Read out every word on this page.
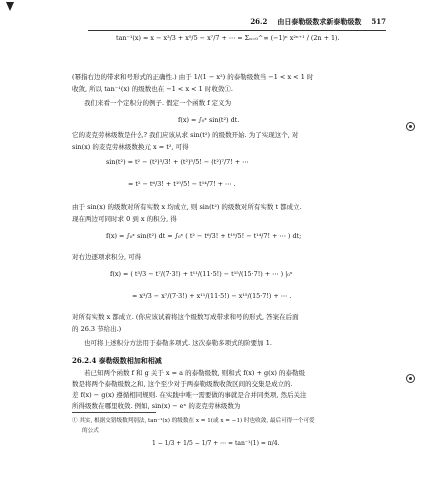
26.2 由日泰勒级数求新泰勒级数 517
tan⁻¹(x) = x − x³/3 + x⁵/5 − x⁷/7 + ⋯ = Σₙ₌₀^∞ (−1)ⁿ x²ⁿ⁺¹ / (2n + 1).
(幂指右边的带求和号形式的正确性.) 由于 1/(1 − x²) 的泰勒级数当 −1 < x < 1 时
收敛, 所以 tan⁻¹(x) 的级数也在 −1 < x < 1 时收敛①.
我们来看一个定积分的例子. 假定一个函数 f 定义为
f(x) = ∫₀ˣ sin(t²) dt.
它的麦克劳林级数是什么? 我们应该从求 sin(t²) 的级数开始. 为了实现这个, 对
sin(x) 的麦克劳林级数换元 x = t², 可得
sin(t²) = t² − (t²)³/3! + (t²)⁵/5! − (t²)⁷/7! + ⋯
= t² − t⁶/3! + t¹⁰/5! − t¹⁴/7! + ⋯ .
由于 sin(x) 的级数对所有实数 x 均成立, 则 sin(t²) 的级数对所有实数 t 都成立.
现在两边可同时求 0 到 x 的积分, 得
f(x) = ∫₀ˣ sin(t²) dt = ∫₀ˣ ( t² − t⁶/3! + t¹⁰/5! − t¹⁴/7! + ⋯ ) dt;
对右边逐项求积分, 可得
f(x) = ( t³/3 − t⁷/(7·3!) + t¹¹/(11·5!) − t¹⁵/(15·7!) + ⋯ ) |₀ˣ
= x³/3 − x⁷/(7·3!) + x¹¹/(11·5!) − x¹⁵/(15·7!) + ⋯ .
对所有实数 x 都成立. (你应该试着将这个级数写成带求和号的形式, 答案在后面
的 26.3 节给出.)
也可将上述积分方法用于泰勒多项式. 这次泰勒多项式的阶要加 1.
26.2.4 泰勒级数相加和相减
若已知两个函数 f 和 g 关于 x = a 的泰勒级数, 则和式 f(x) + g(x) 的泰勒级
数是将两个泰勒级数之和, 这个至少对于两泰勒级数收敛区间的交集是成立的.
差 f(x) − g(x) 遵循相同规则. 在实践中唯一需要做的事就是合并同类项, 然后关注
所得级数在哪里收敛. 例如, sin(x) − eˣ 的麦克劳林级数为
① 其实, 根据交错级数判别法, tan⁻¹(x) 的级数在 x = 1(或 x = −1) 时也收敛, 最后可得一个可爱
的公式
1 − 1/3 + 1/5 − 1/7 + ⋯ = tan⁻¹(1) = π/4.
